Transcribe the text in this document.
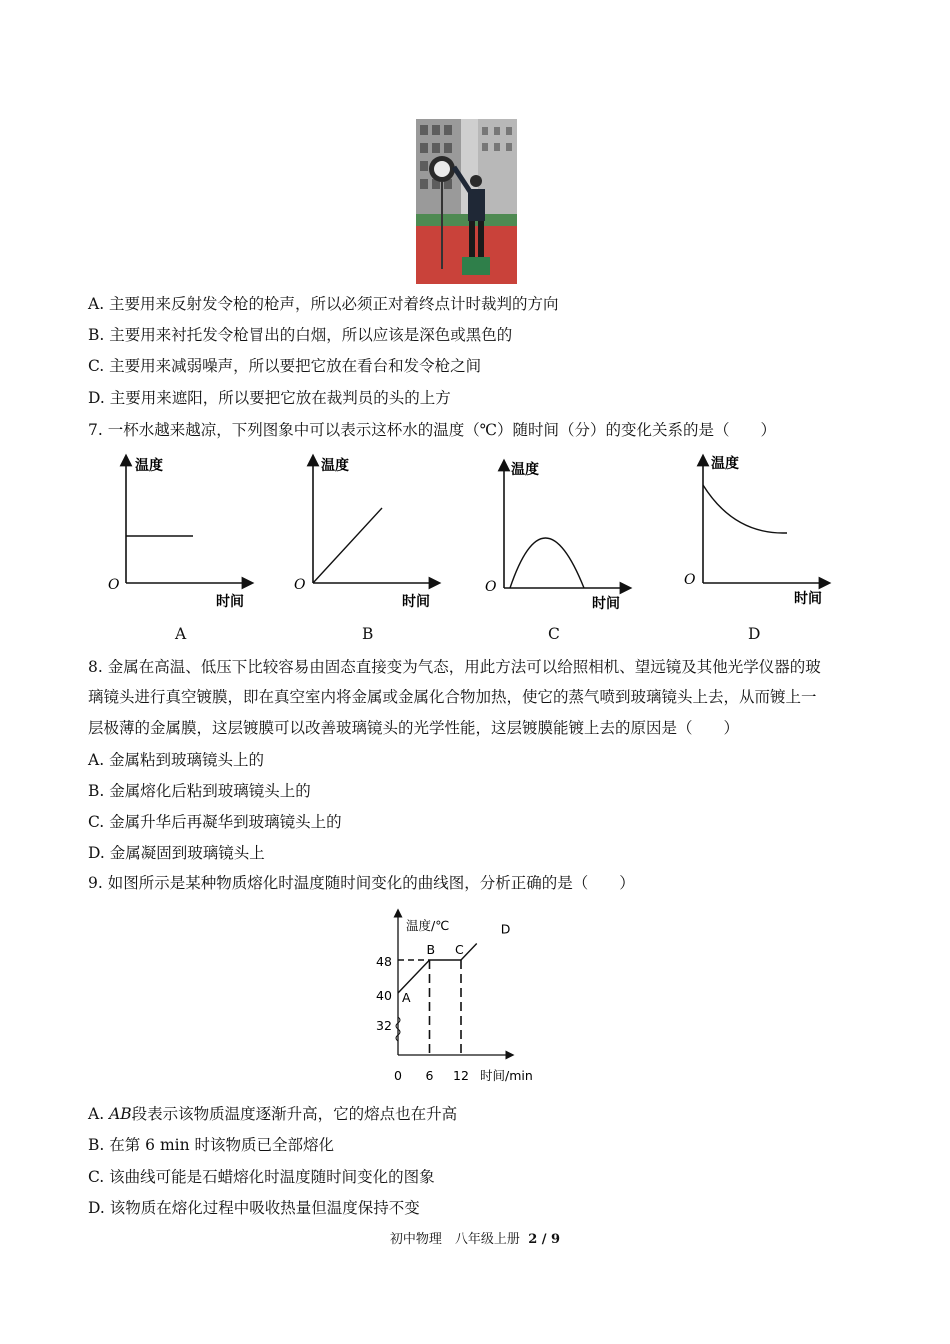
A. 主要用来反射发令枪的枪声，所以必须正对着终点计时裁判的方向
B. 主要用来衬托发令枪冒出的白烟，所以应该是深色或黑色的
C. 主要用来减弱噪声，所以要把它放在看台和发令枪之间
D. 主要用来遮阳，所以要把它放在裁判员的头的上方
7. 一杯水越来越凉，下列图象中可以表示这杯水的温度（℃）随时间（分）的变化关系的是（　　）
温度
O
时间
温度
O
时间
温度
O
时间
温度
O
时间
A	B	C	D
8. 金属在高温、低压下比较容易由固态直接变为气态，用此方法可以给照相机、望远镜及其他光学仪器的玻
璃镜头进行真空镀膜，即在真空室内将金属或金属化合物加热，使它的蒸气喷到玻璃镜头上去，从而镀上一
层极薄的金属膜，这层镀膜可以改善玻璃镜头的光学性能，这层镀膜能镀上去的原因是（　　）
A. 金属粘到玻璃镜头上的
B. 金属熔化后粘到玻璃镜头上的
C. 金属升华后再凝华到玻璃镜头上的
D. 金属凝固到玻璃镜头上
9. 如图所示是某种物质熔化时温度随时间变化的曲线图，分析正确的是（　　）
温度/℃
时间/min
0
48
40
32
6 12
A
B C
D
A. AB段表示该物质温度逐渐升高，它的熔点也在升高
B. 在第 6 min 时该物质已全部熔化
C. 该曲线可能是石蜡熔化时温度随时间变化的图象
D. 该物质在熔化过程中吸收热量但温度保持不变
初中物理　八年级上册 2 / 9
